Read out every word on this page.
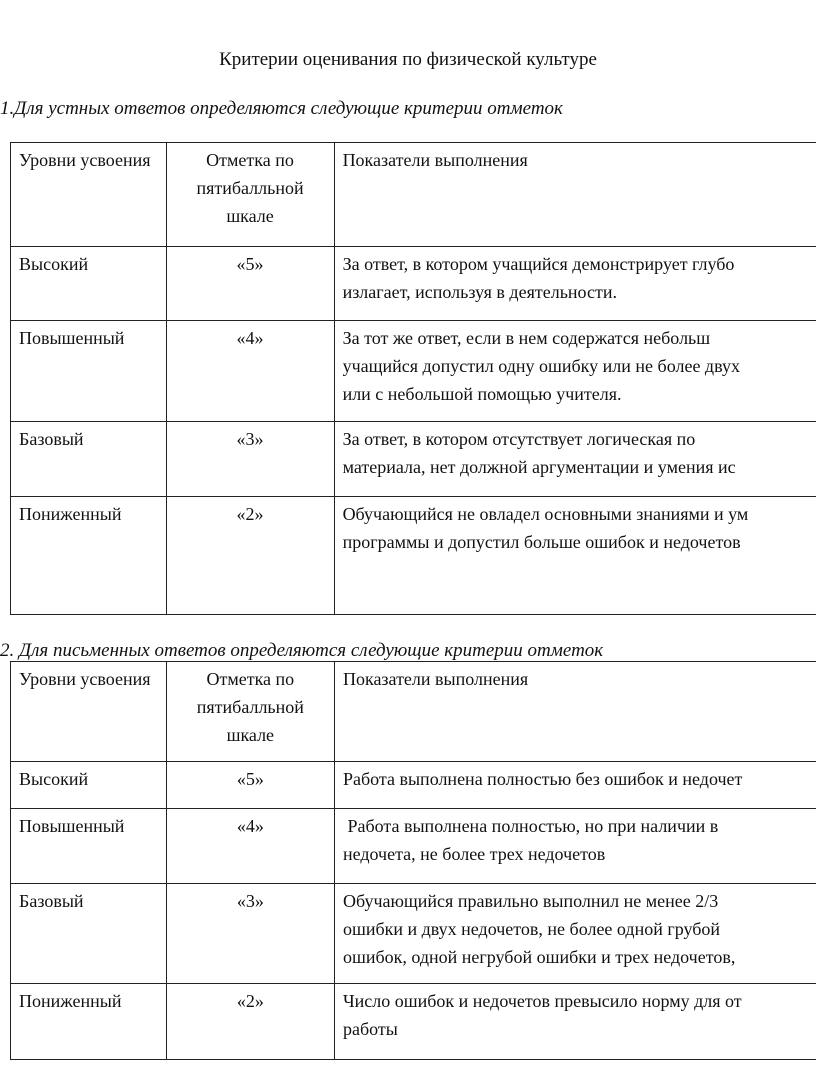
Критерии оценивания по физической культуре
1.Для устных ответов определяются следующие критерии отметок
Уровни усвоения	Отметка по пятибалльной шкале	Показатели выполнения
Высокий	«5»	За ответ, в котором учащийся демонстрирует глубо
излагает, используя в деятельности.

Повышенный	«4»	За тот же ответ, если в нем содержатся небольш
учащийся допустил одну ошибку или не более двух
или с небольшой помощью учителя.

Базовый	«3»	За ответ, в котором отсутствует логическая по
материала, нет должной аргументации и умения ис

Пониженный	«2»	Обучающийся не овладел основными знаниями и ум
программы и допустил больше ошибок и недочетов
2. Для письменных ответов определяются следующие критерии отметок
Уровни усвоения	Отметка по пятибалльной шкале	Показатели выполнения
Высокий	«5»	Работа выполнена полностью без ошибок и недочет

Повышенный	«4»	Работа выполнена полностью, но при наличии в
недочета, не более трех недочетов

Базовый	«3»	Обучающийся правильно выполнил не менее 2/3
ошибки и двух недочетов, не более одной грубой
ошибок, одной негрубой ошибки и трех недочетов,

Пониженный	«2»	Число ошибок и недочетов превысило норму для от
работы
